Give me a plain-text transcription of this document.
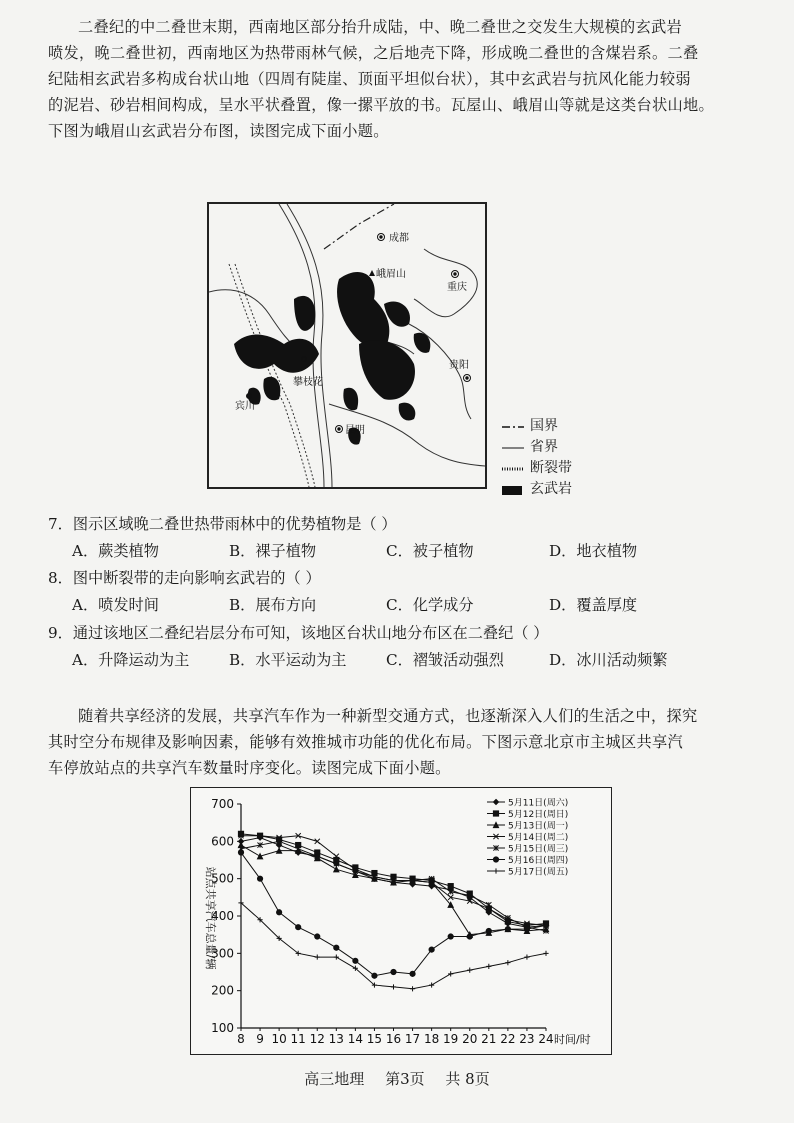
二叠纪的中二叠世末期，西南地区部分抬升成陆，中、晚二叠世之交发生大规模的玄武岩
喷发，晚二叠世初，西南地区为热带雨林气候，之后地壳下降，形成晚二叠世的含煤岩系。二叠
纪陆相玄武岩多构成台状山地（四周有陡崖、顶面平坦似台状），其中玄武岩与抗风化能力较弱
的泥岩、砂岩相间构成，呈水平状叠置，像一摞平放的书。瓦屋山、峨眉山等就是这类台状山地。
下图为峨眉山玄武岩分布图，读图完成下面小题。
成都
峨眉山
重庆
贵阳
攀枝花
宾川
昆明	国界
省界
断裂带
玄武岩
7．图示区域晚二叠世热带雨林中的优势植物是（ ）
A．蕨类植物	B．裸子植物	C．被子植物	D．地衣植物
8．图中断裂带的走向影响玄武岩的（ ）
A．喷发时间	B．展布方向	C．化学成分	D．覆盖厚度
9．通过该地区二叠纪岩层分布可知，该地区台状山地分布区在二叠纪（ ）
A．升降运动为主	B．水平运动为主	C．褶皱活动强烈	D．冰川活动频繁
随着共享经济的发展，共享汽车作为一种新型交通方式，也逐渐深入人们的生活之中，探究
其时空分布规律及影响因素，能够有效推城市功能的优化布局。下图示意北京市主城区共享汽
车停放站点的共享汽车数量时序变化。读图完成下面小题。
站点共享汽车总量/辆
100
200
300
400
500
600
700
8 9 10 11 12 13 14 15 16 17 18 19 20 21 22 23 24 时间/时
5月11日(周六)
5月12日(周日)
5月13日(周一)
5月14日(周二)
5月15日(周三)
5月16日(周四)
5月17日(周五)
高三地理 第3页 共 8页
